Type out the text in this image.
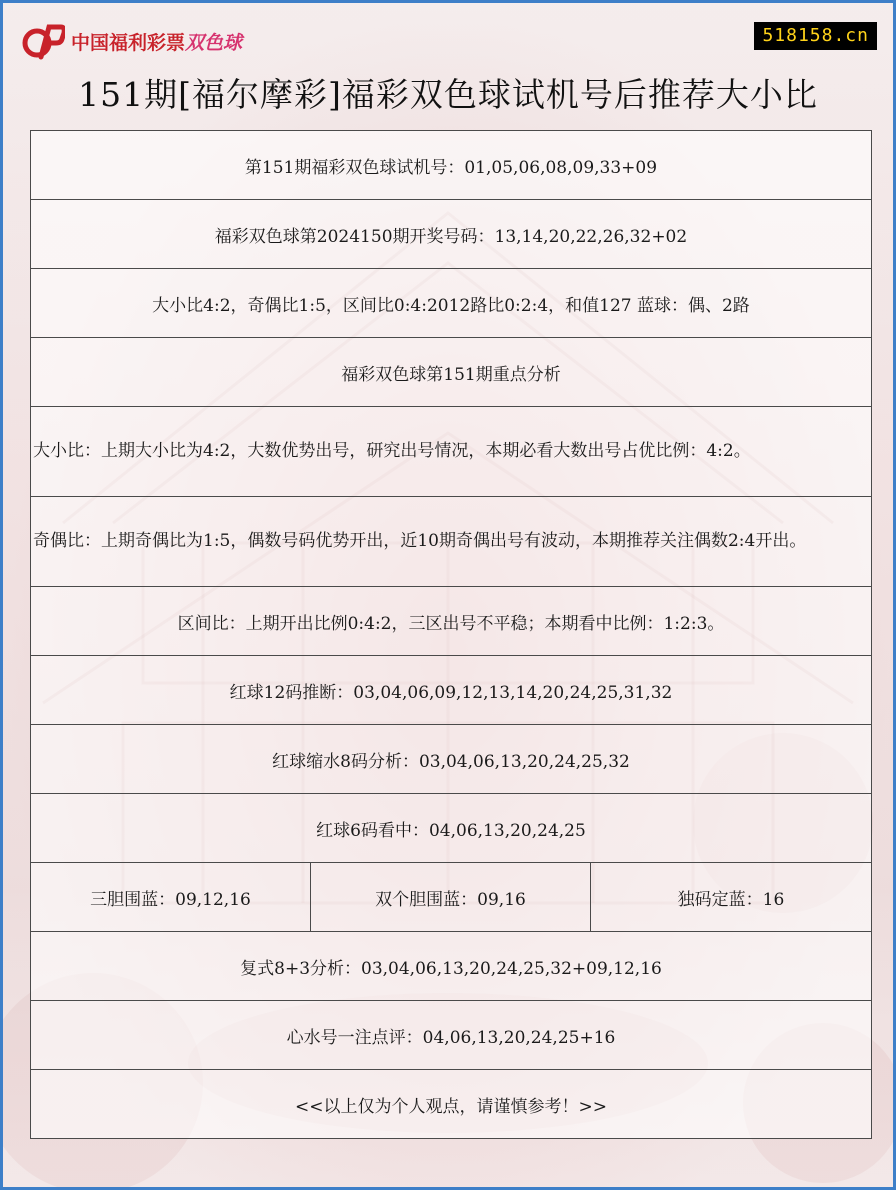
中国福利彩票双色球	518158.cn
151期[福尔摩彩]福彩双色球试机号后推荐大小比
第151期福彩双色球试机号：01,05,06,08,09,33+09
福彩双色球第2024150期开奖号码：13,14,20,22,26,32+02
大小比4:2，奇偶比1:5，区间比0:4:2012路比0:2:4，和值127 蓝球：偶、2路
福彩双色球第151期重点分析
大小比：上期大小比为4:2，大数优势出号，研究出号情况，本期必看大数出号占优比例：4:2。
奇偶比：上期奇偶比为1:5，偶数号码优势开出，近10期奇偶出号有波动，本期推荐关注偶数2:4开出。
区间比：上期开出比例0:4:2，三区出号不平稳；本期看中比例：1:2:3。
红球12码推断：03,04,06,09,12,13,14,20,24,25,31,32
红球缩水8码分析：03,04,06,13,20,24,25,32
红球6码看中：04,06,13,20,24,25
三胆围蓝：09,12,16	双个胆围蓝：09,16	独码定蓝：16
复式8+3分析：03,04,06,13,20,24,25,32+09,12,16
心水号一注点评：04,06,13,20,24,25+16
<<以上仅为个人观点，请谨慎参考！>>
